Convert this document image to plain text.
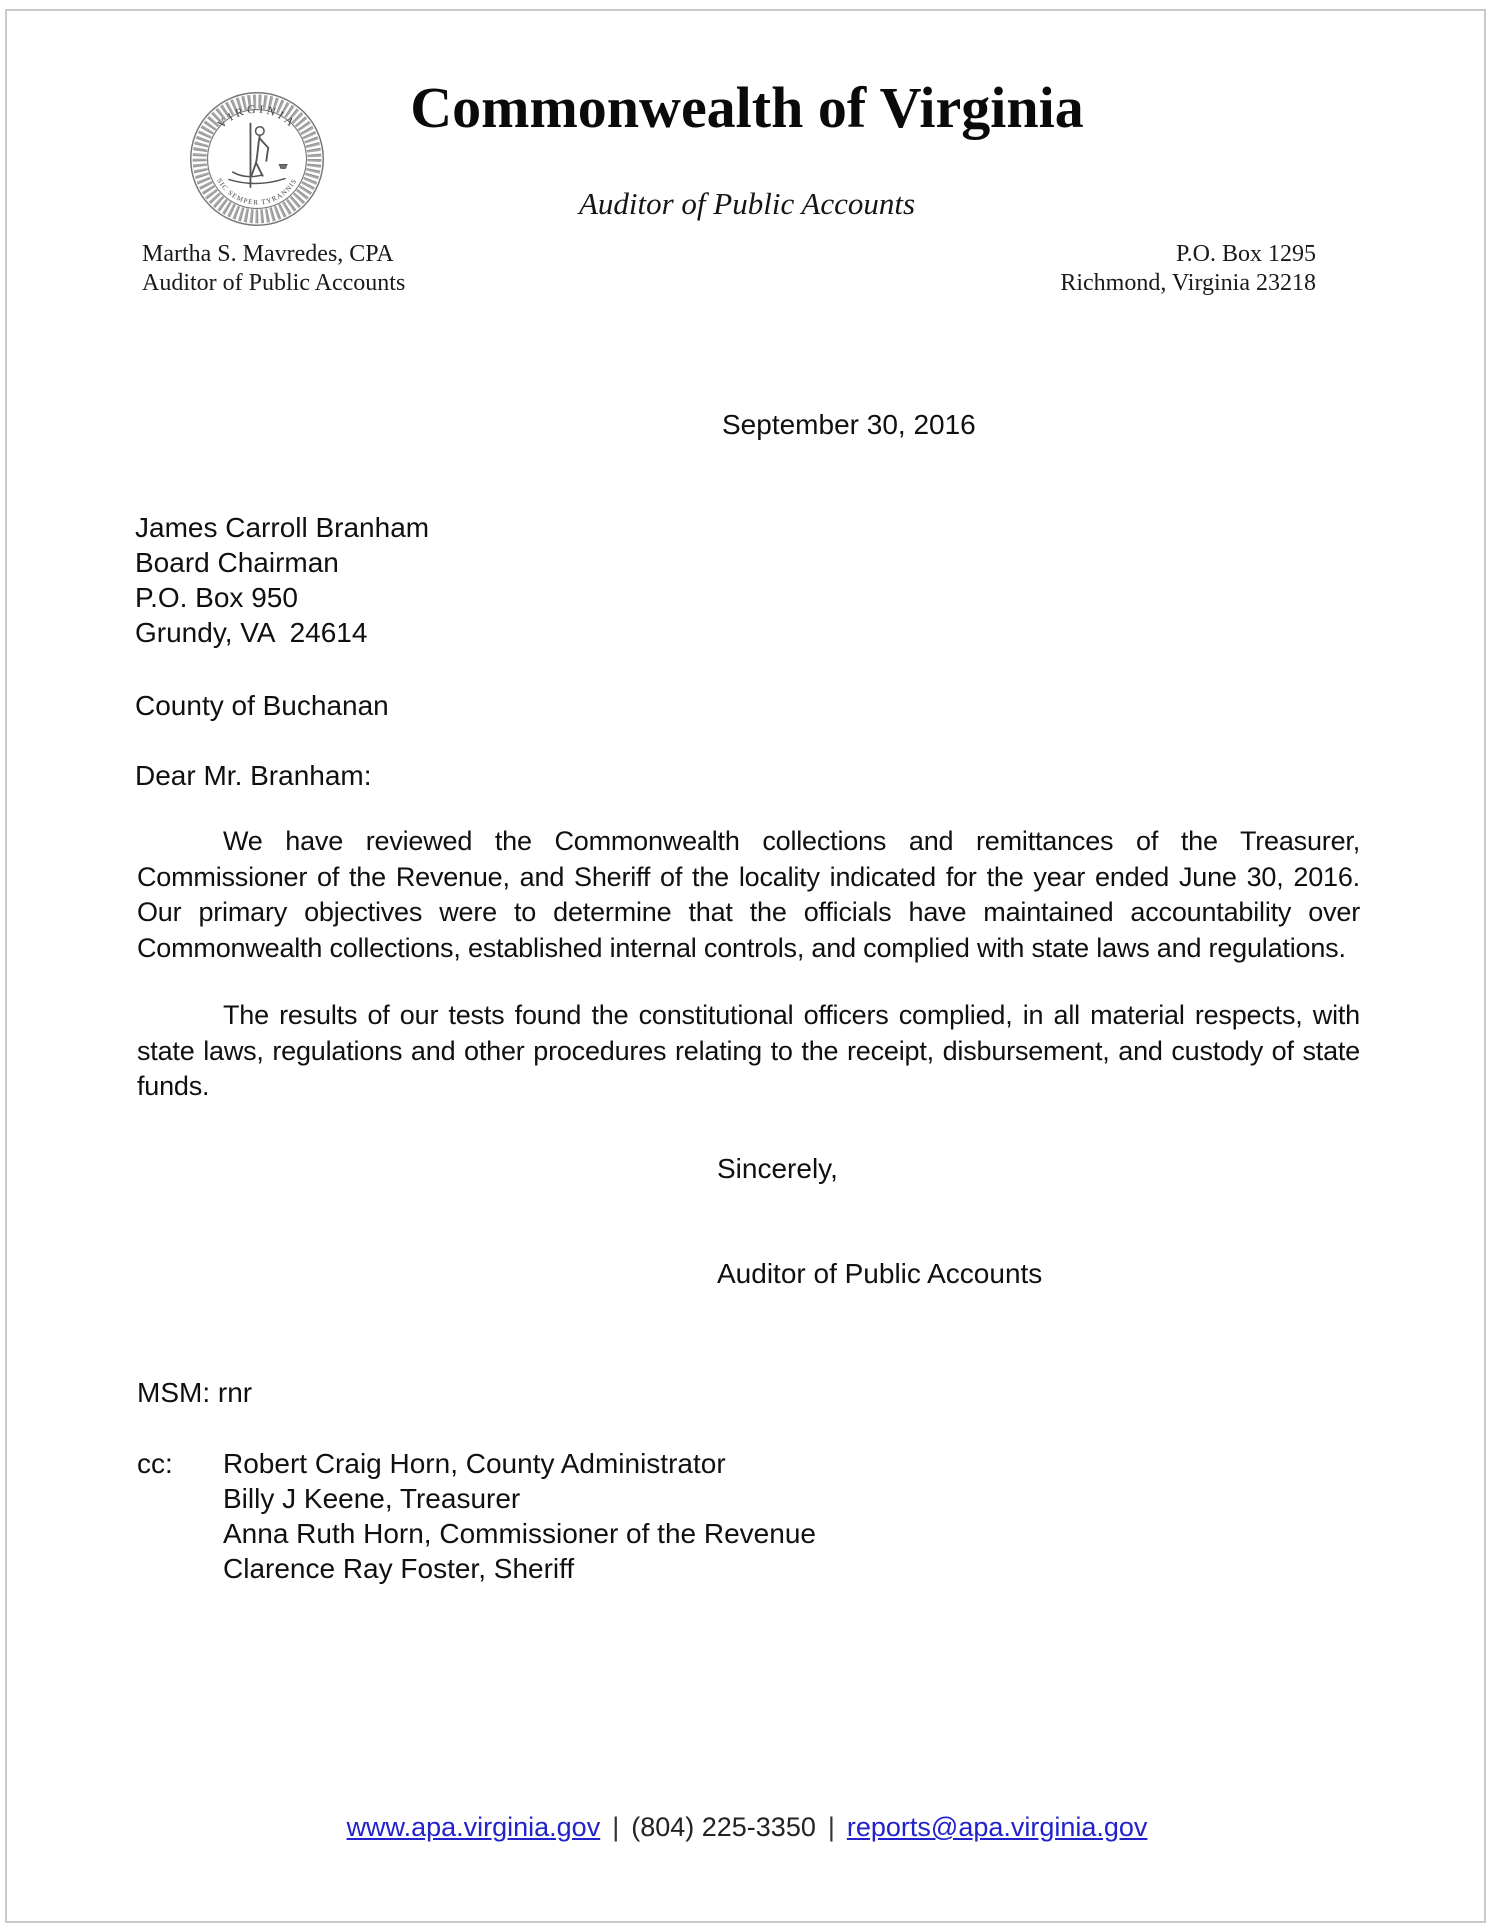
VIRGINIA
SIC SEMPER TYRANNIS
Commonwealth of Virginia
Auditor of Public Accounts
Martha S. Mavredes, CPA
Auditor of Public Accounts
P.O. Box 1295
Richmond, Virginia 23218
September 30, 2016
James Carroll Branham
Board Chairman
P.O. Box 950
Grundy, VA  24614
County of Buchanan
Dear Mr. Branham:
We have reviewed the Commonwealth collections and remittances of the Treasurer, Commissioner of the Revenue, and Sheriff of the locality indicated for the year ended June 30, 2016. Our primary objectives were to determine that the officials have maintained accountability over Commonwealth collections, established internal controls, and complied with state laws and regulations.
The results of our tests found the constitutional officers complied, in all material respects, with state laws, regulations and other procedures relating to the receipt, disbursement, and custody of state funds.
Sincerely,
Auditor of Public Accounts
MSM: rnr
cc: Robert Craig Horn, County Administrator
Billy J Keene, Treasurer
Anna Ruth Horn, Commissioner of the Revenue
Clarence Ray Foster, Sheriff
www.apa.virginia.gov | (804) 225-3350 | reports@apa.virginia.gov
